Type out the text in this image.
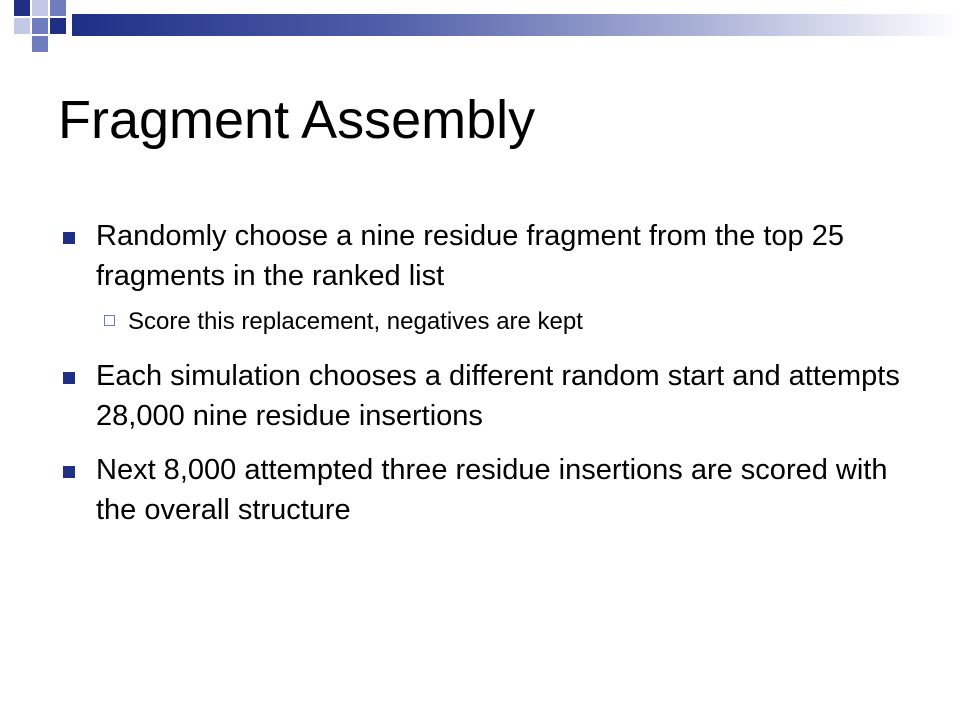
Fragment Assembly
Randomly choose a nine residue fragment from the top 25 fragments in the ranked list
Score this replacement, negatives are kept
Each simulation chooses a different random start and attempts 28,000 nine residue insertions
Next 8,000 attempted three residue insertions are scored with the overall structure
